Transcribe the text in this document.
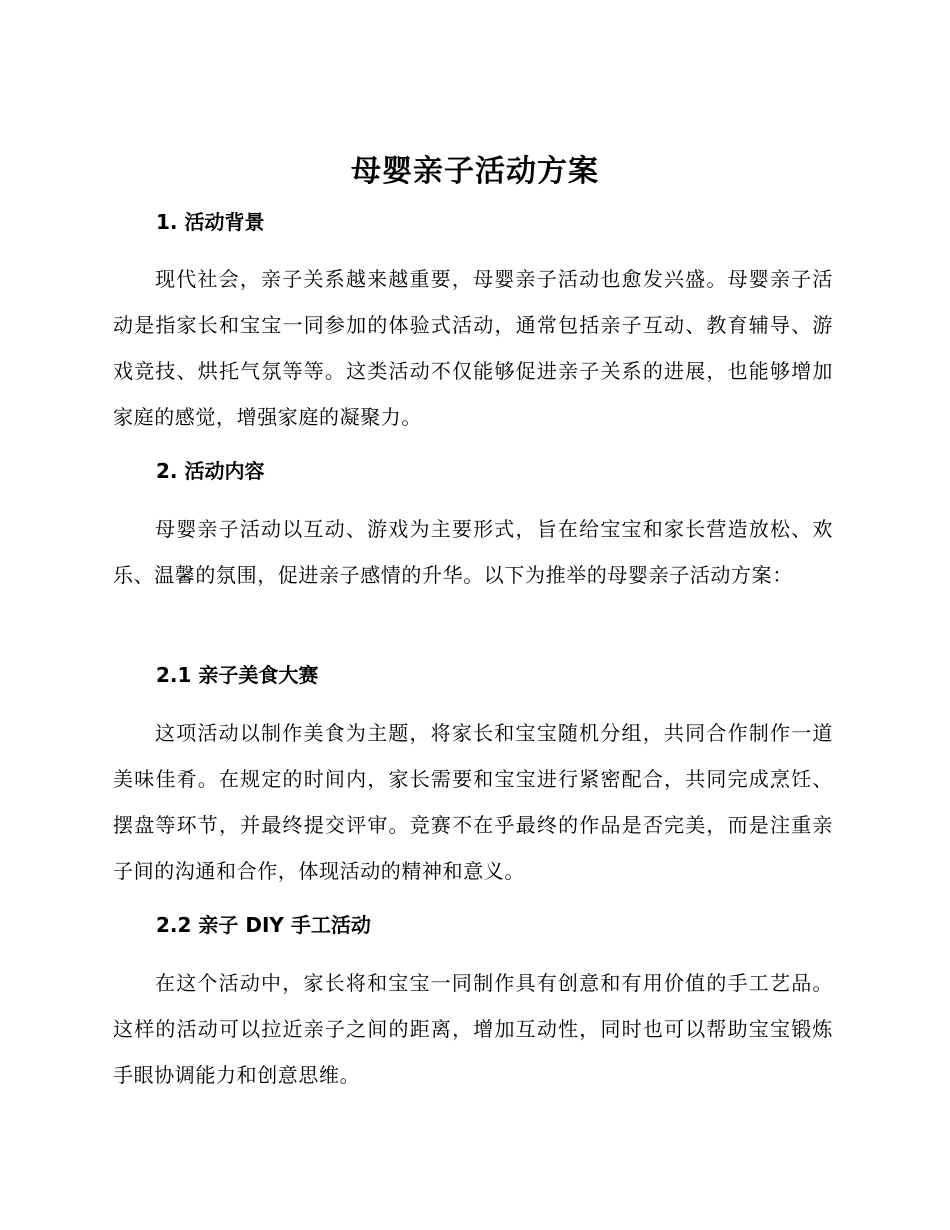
母婴亲子活动方案
1. 活动背景
现代社会，亲子关系越来越重要，母婴亲子活动也愈发兴盛。母婴亲子活动是指家长和宝宝一同参加的体验式活动，通常包括亲子互动、教育辅导、游戏竞技、烘托气氛等等。这类活动不仅能够促进亲子关系的进展，也能够增加家庭的感觉，增强家庭的凝聚力。
2. 活动内容
母婴亲子活动以互动、游戏为主要形式，旨在给宝宝和家长营造放松、欢乐、温馨的氛围，促进亲子感情的升华。以下为推举的母婴亲子活动方案：
2.1 亲子美食大赛
这项活动以制作美食为主题，将家长和宝宝随机分组，共同合作制作一道美味佳肴。在规定的时间内，家长需要和宝宝进行紧密配合，共同完成烹饪、摆盘等环节，并最终提交评审。竞赛不在乎最终的作品是否完美，而是注重亲子间的沟通和合作，体现活动的精神和意义。
2.2 亲子 DIY 手工活动
在这个活动中，家长将和宝宝一同制作具有创意和有用价值的手工艺品。这样的活动可以拉近亲子之间的距离，增加互动性，同时也可以帮助宝宝锻炼手眼协调能力和创意思维。
